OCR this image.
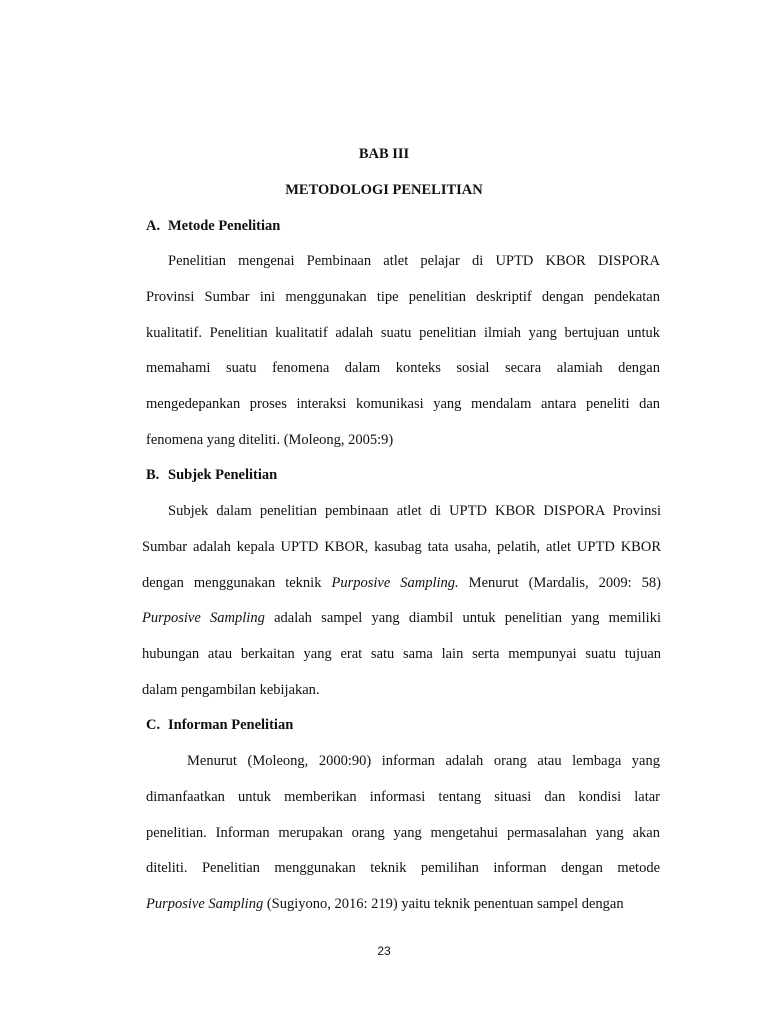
BAB III

METODOLOGI PENELITIAN

A. Metode Penelitian

Penelitian mengenai Pembinaan atlet pelajar di UPTD KBOR DISPORA
Provinsi Sumbar ini menggunakan tipe penelitian deskriptif dengan pendekatan
kualitatif. Penelitian kualitatif adalah suatu penelitian ilmiah yang bertujuan untuk
memahami suatu fenomena dalam konteks sosial secara alamiah dengan
mengedepankan proses interaksi komunikasi yang mendalam antara peneliti dan
fenomena yang diteliti. (Moleong, 2005:9)

B. Subjek Penelitian

Subjek dalam penelitian pembinaan atlet di UPTD KBOR DISPORA Provinsi
Sumbar adalah kepala UPTD KBOR, kasubag tata usaha, pelatih, atlet UPTD KBOR
dengan menggunakan teknik Purposive Sampling. Menurut (Mardalis, 2009: 58)
Purposive Sampling adalah sampel yang diambil untuk penelitian yang memiliki
hubungan atau berkaitan yang erat satu sama lain serta mempunyai suatu tujuan
dalam pengambilan kebijakan.

C. Informan Penelitian

Menurut (Moleong, 2000:90) informan adalah orang atau lembaga yang
dimanfaatkan untuk memberikan informasi tentang situasi dan kondisi latar
penelitian. Informan merupakan orang yang mengetahui permasalahan yang akan
diteliti. Penelitian menggunakan teknik pemilihan informan dengan metode
Purposive Sampling (Sugiyono, 2016: 219) yaitu teknik penentuan sampel dengan

23
